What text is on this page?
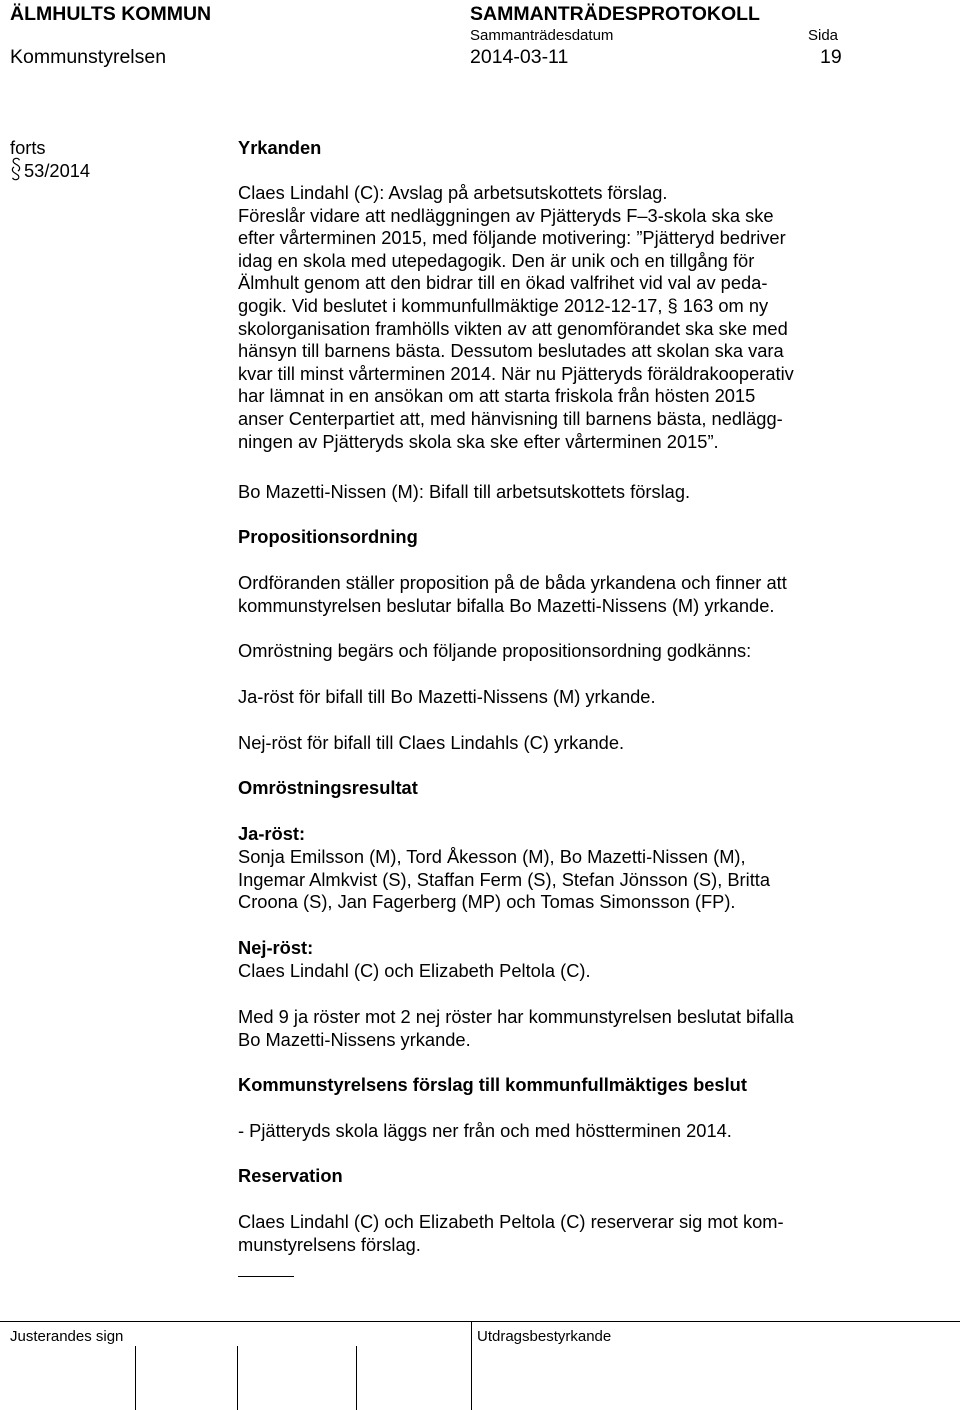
ÄLMHULTS KOMMUN	SAMMANTRÄDESPROTOKOLL
Sammanträdesdatum	Sida
Kommunstyrelsen	2014-03-11	19
forts
53/2014
Yrkanden
Claes Lindahl (C): Avslag på arbetsutskottets förslag.
Föreslår vidare att nedläggningen av Pjätteryds F–3-skola ska ske
efter vårterminen 2015, med följande motivering: ”Pjätteryd bedriver
idag en skola med utepedagogik. Den är unik och en tillgång för
Älmhult genom att den bidrar till en ökad valfrihet vid val av peda-
gogik. Vid beslutet i kommunfullmäktige 2012-12-17, § 163 om ny
skolorganisation framhölls vikten av att genomförandet ska ske med
hänsyn till barnens bästa. Dessutom beslutades att skolan ska vara
kvar till minst vårterminen 2014. När nu Pjätteryds föräldrakooperativ
har lämnat in en ansökan om att starta friskola från hösten 2015
anser Centerpartiet att, med hänvisning till barnens bästa, nedlägg-
ningen av Pjätteryds skola ska ske efter vårterminen 2015”.
Bo Mazetti-Nissen (M): Bifall till arbetsutskottets förslag.
Propositionsordning
Ordföranden ställer proposition på de båda yrkandena och finner att
kommunstyrelsen beslutar bifalla Bo Mazetti-Nissens (M) yrkande.
Omröstning begärs och följande propositionsordning godkänns:
Ja-röst för bifall till Bo Mazetti-Nissens (M) yrkande.
Nej-röst för bifall till Claes Lindahls (C) yrkande.
Omröstningsresultat
Ja-röst:
Sonja Emilsson (M), Tord Åkesson (M), Bo Mazetti-Nissen (M),
Ingemar Almkvist (S), Staffan Ferm (S), Stefan Jönsson (S), Britta
Croona (S), Jan Fagerberg (MP) och Tomas Simonsson (FP).
Nej-röst:
Claes Lindahl (C) och Elizabeth Peltola (C).
Med 9 ja röster mot 2 nej röster har kommunstyrelsen beslutat bifalla
Bo Mazetti-Nissens yrkande.
Kommunstyrelsens förslag till kommunfullmäktiges beslut
- Pjätteryds skola läggs ner från och med höstterminen 2014.
Reservation
Claes Lindahl (C) och Elizabeth Peltola (C) reserverar sig mot kom-
munstyrelsens förslag.
Justerandes sign	Utdragsbestyrkande
